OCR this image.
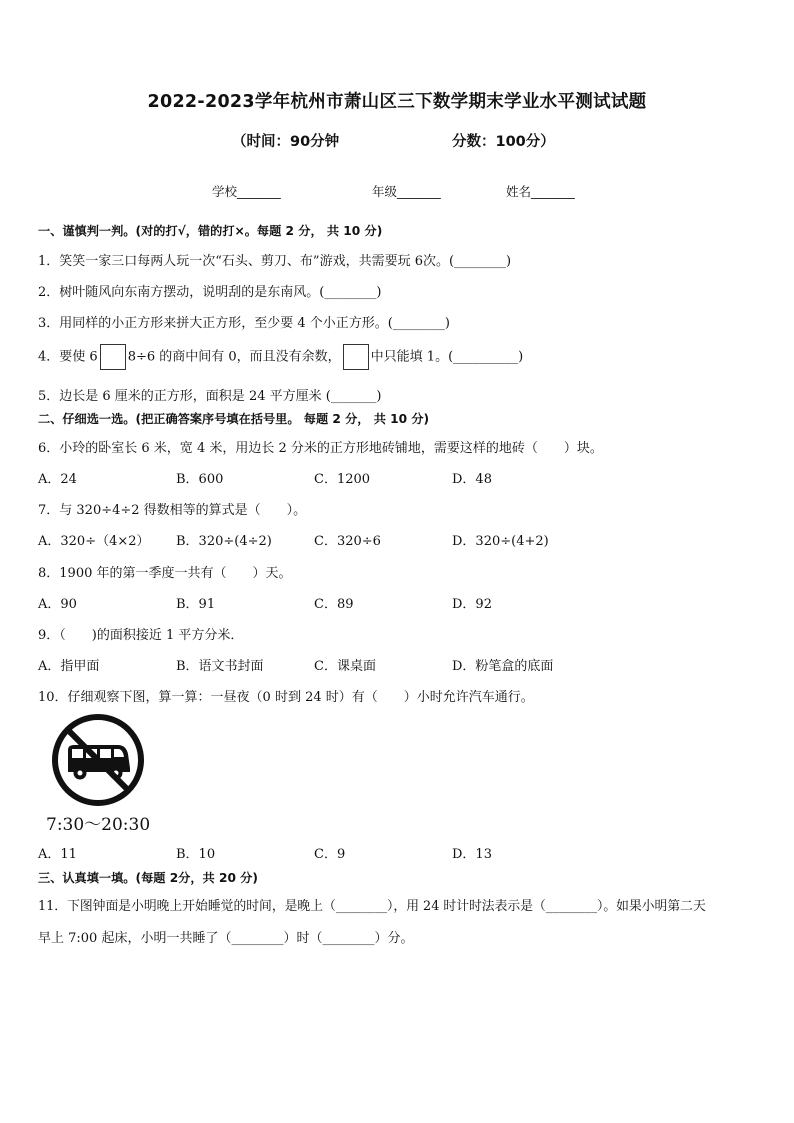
2022-2023学年杭州市萧山区三下数学期末学业水平测试试题
（时间：90分钟	分数：100分）
学校_______	年级_______	姓名_______
一、谨慎判一判。(对的打√，错的打×。每题 2 分， 共 10 分)
1．笑笑一家三口每两人玩一次“石头、剪刀、布”游戏，共需要玩 6次。(________)
2．树叶随风向东南方摆动，说明刮的是东南风。(________)
3．用同样的小正方形来拼大正方形，至少要 4 个小正方形。(________)
4．要使 6 8÷6 的商中间有 0，而且没有余数， 中只能填 1。(__________)
5．边长是 6 厘米的正方形，面积是 24 平方厘米 (_______)
二、仔细选一选。(把正确答案序号填在括号里。 每题 2 分， 共 10 分)
6．小玲的卧室长 6 米，宽 4 米，用边长 2 分米的正方形地砖铺地，需要这样的地砖（　　）块。
A．24	B．600	C．1200	D．48
7．与 320÷4÷2 得数相等的算式是（　　）。
A．320÷（4×2） B．320÷(4÷2)	C．320÷6	D．320÷(4+2)
8．1900 年的第一季度一共有（　　）天。
A．90	B．91	C．89	D．92
9．（　　)的面积接近 1 平方分米．
A．指甲面	B．语文书封面	C．课桌面	D．粉笔盒的底面
10．仔细观察下图，算一算：一昼夜（0 时到 24 时）有（　　）小时允许汽车通行。
7:30～20:30
A．11	B．10	C．9	D．13
三、认真填一填。(每题 2分，共 20 分)
11．下图钟面是小明晚上开始睡觉的时间，是晚上（________），用 24 时计时法表示是（________）。如果小明第二天
早上 7:00 起床，小明一共睡了（________）时（________）分。
